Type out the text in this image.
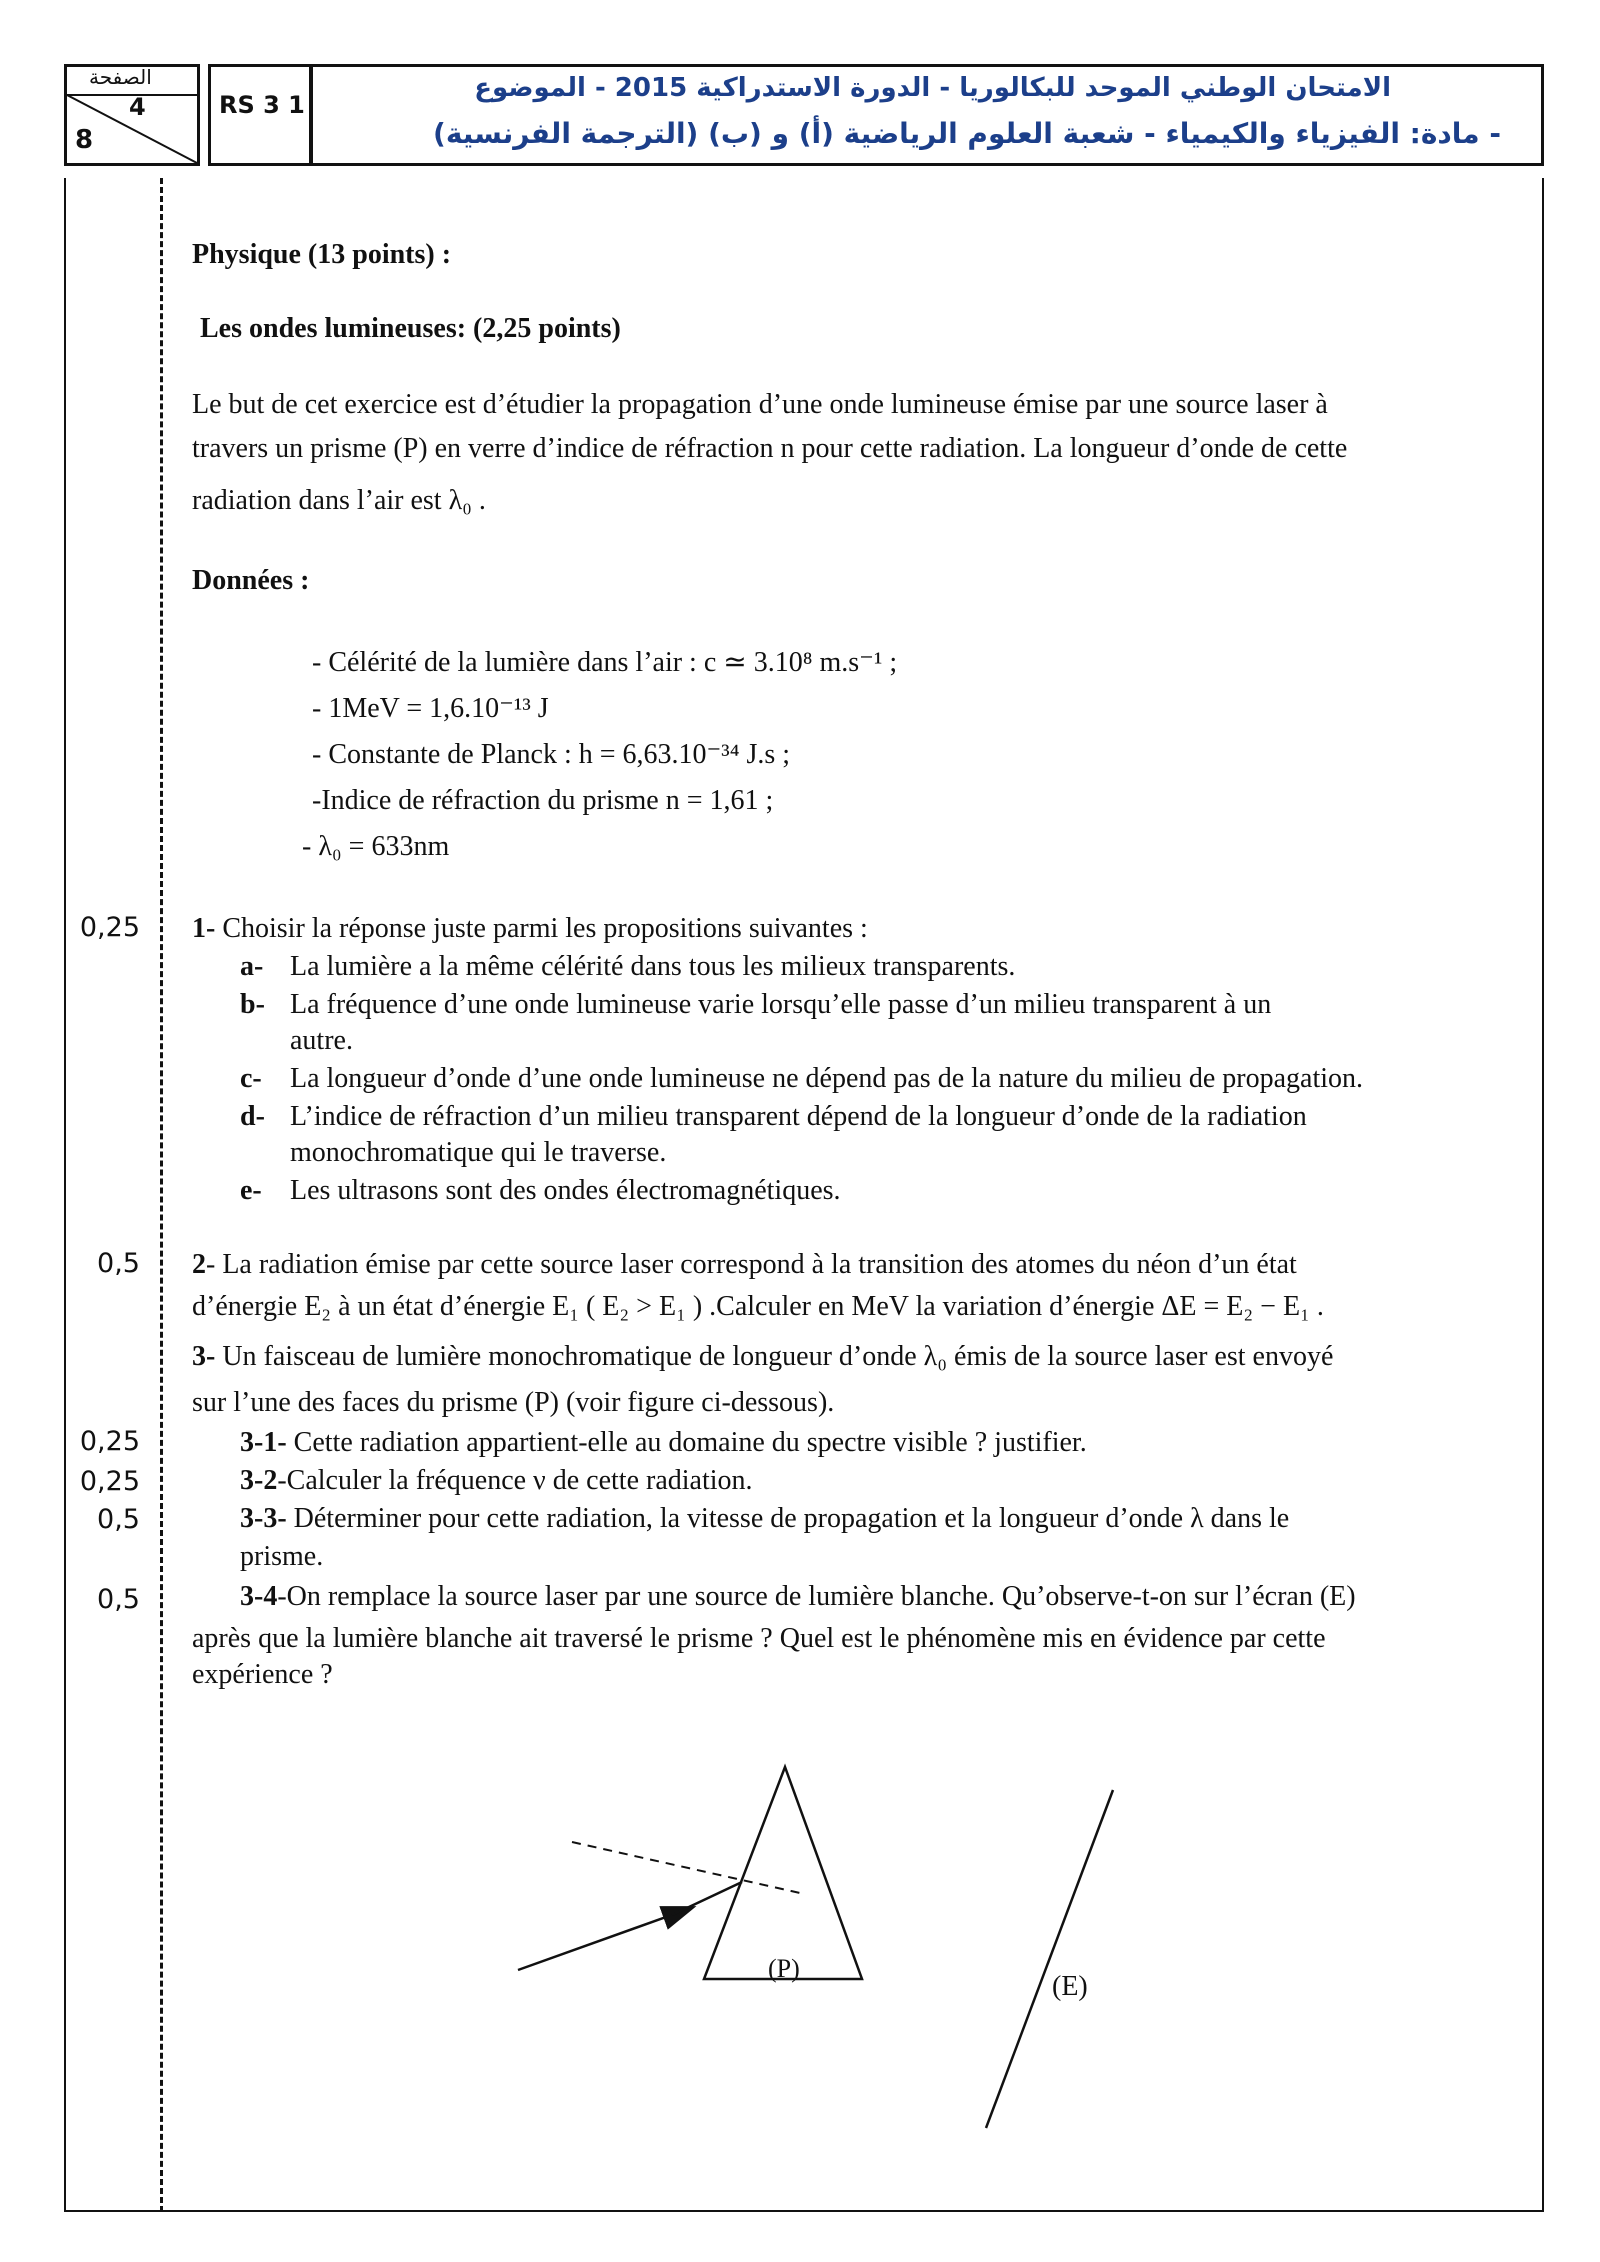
الصفحة
4
8
RS 3 1
الامتحان الوطني الموحد للبكالوريا - الدورة الاستدراكية 2015 - الموضوع
- مادة: الفيزياء والكيمياء - شعبة العلوم الرياضية (أ) و (ب) (الترجمة الفرنسية)
Physique (13 points) :
Les ondes lumineuses: (2,25 points)
Le but de cet exercice est d’étudier la propagation d’une onde lumineuse émise par une source laser à
travers un prisme (P) en verre d’indice de réfraction n pour cette radiation. La longueur d’onde de cette
radiation dans l’air est λ₀ .
Données :
- Célérité de la lumière dans l’air : c ≃ 3.10⁸ m.s⁻¹ ;
- 1MeV = 1,6.10⁻¹³ J
- Constante de Planck : h = 6,63.10⁻³⁴ J.s ;
-Indice de réfraction du prisme n = 1,61 ;
- λ₀ = 633nm
0,25 1- Choisir la réponse juste parmi les propositions suivantes :
a- La lumière a la même célérité dans tous les milieux transparents.
b- La fréquence d’une onde lumineuse varie lorsqu’elle passe d’un milieu transparent à un
autre.
c- La longueur d’onde d’une onde lumineuse ne dépend pas de la nature du milieu de propagation.
d- L’indice de réfraction d’un milieu transparent dépend de la longueur d’onde de la radiation
monochromatique qui le traverse.
e- Les ultrasons sont des ondes électromagnétiques.
0,5 2- La radiation émise par cette source laser correspond à la transition des atomes du néon d’un état
d’énergie E₂ à un état d’énergie E₁ ( E₂ > E₁ ) .Calculer en MeV la variation d’énergie ΔE = E₂ − E₁ .
3- Un faisceau de lumière monochromatique de longueur d’onde λ₀ émis de la source laser est envoyé
sur l’une des faces du prisme (P) (voir figure ci-dessous).
0,25	3-1- Cette radiation appartient-elle au domaine du spectre visible ? justifier.
0,25	3-2-Calculer la fréquence ν de cette radiation.
0,5	3-3- Déterminer pour cette radiation, la vitesse de propagation et la longueur d’onde λ dans le
prisme.
0,5	3-4-On remplace la source laser par une source de lumière blanche. Qu’observe-t-on sur l’écran (E)
après que la lumière blanche ait traversé le prisme ? Quel est le phénomène mis en évidence par cette
expérience ?
(P)
(E)
